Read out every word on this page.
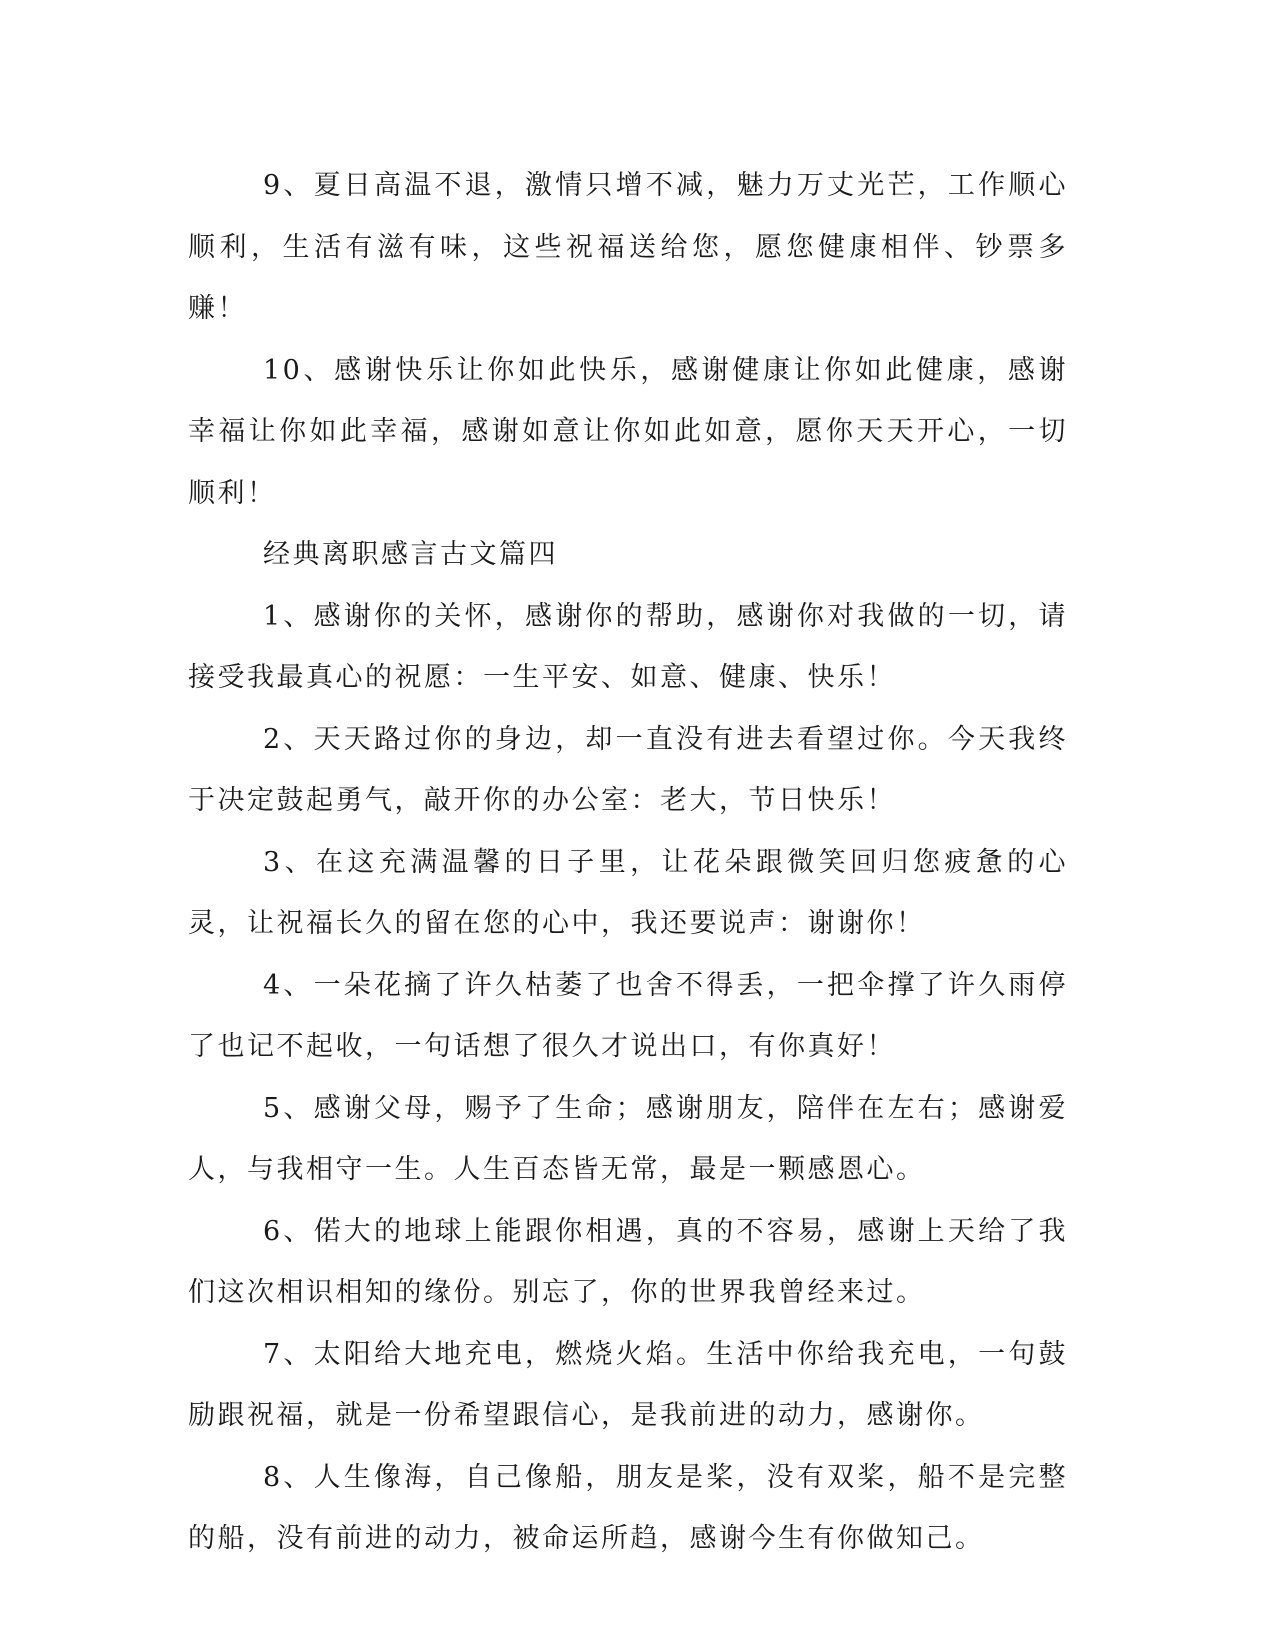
9、夏日高温不退，激情只增不减，魅力万丈光芒，工作顺心顺利，生活有滋有味，这些祝福送给您，愿您健康相伴、钞票多赚！

10、感谢快乐让你如此快乐，感谢健康让你如此健康，感谢幸福让你如此幸福，感谢如意让你如此如意，愿你天天开心，一切顺利！

经典离职感言古文篇四

1、感谢你的关怀，感谢你的帮助，感谢你对我做的一切，请接受我最真心的祝愿：一生平安、如意、健康、快乐！

2、天天路过你的身边，却一直没有进去看望过你。今天我终于决定鼓起勇气，敲开你的办公室：老大，节日快乐！

3、在这充满温馨的日子里，让花朵跟微笑回归您疲惫的心灵，让祝福长久的留在您的心中，我还要说声：谢谢你！

4、一朵花摘了许久枯萎了也舍不得丢，一把伞撑了许久雨停了也记不起收，一句话想了很久才说出口，有你真好！

5、感谢父母，赐予了生命；感谢朋友，陪伴在左右；感谢爱人，与我相守一生。人生百态皆无常，最是一颗感恩心。

6、偌大的地球上能跟你相遇，真的不容易，感谢上天给了我们这次相识相知的缘份。别忘了，你的世界我曾经来过。

7、太阳给大地充电，燃烧火焰。生活中你给我充电，一句鼓励跟祝福，就是一份希望跟信心，是我前进的动力，感谢你。

8、人生像海，自己像船，朋友是桨，没有双桨，船不是完整的船，没有前进的动力，被命运所趋，感谢今生有你做知己。
